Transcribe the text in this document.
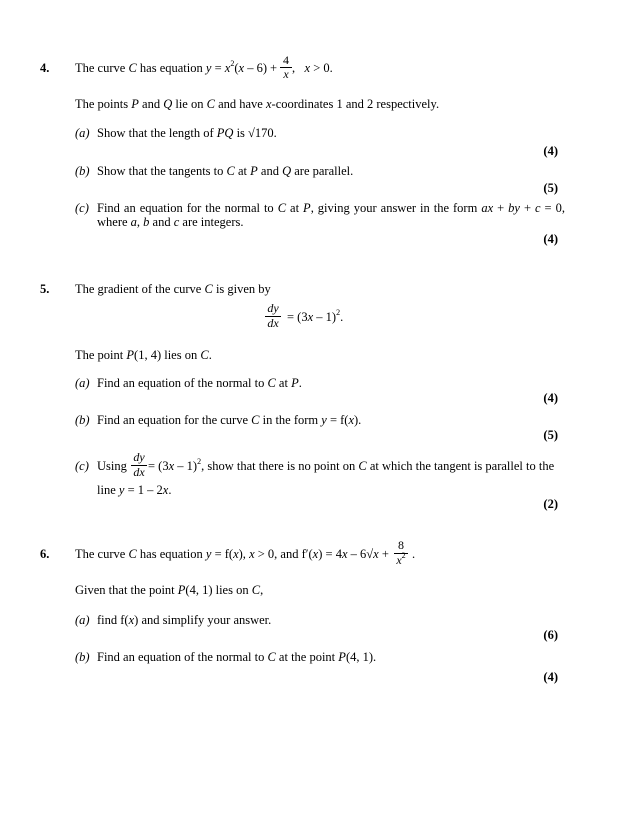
4. The curve C has equation $y = x^2(x - 6) + \frac{4}{x}$ , x > 0.
The points P and Q lie on C and have x-coordinates 1 and 2 respectively.
(a) Show that the length of PQ is √170.
(4)
(b) Show that the tangents to C at P and Q are parallel.
(5)
(c) Find an equation for the normal to C at P, giving your answer in the form ax + by + c = 0,
where a, b and c are integers.
(4)
5. The gradient of the curve C is given by
$\frac{dy}{dx} = (3x - 1)^2$.
The point P(1, 4) lies on C.
(a) Find an equation of the normal to C at P.
(4)
(b) Find an equation for the curve C in the form y = f(x).
(5)
(c) Using $\frac{dy}{dx} = (3x - 1)^2$, show that there is no point on C at which the tangent is parallel to the
line y = 1 – 2x.
(2)
6. The curve C has equation y = f(x), x > 0, and $f'(x) = 4x - 6√x + \frac{8}{x^2}$ .
Given that the point P(4, 1) lies on C,
(a) find f(x) and simplify your answer.
(6)
(b) Find an equation of the normal to C at the point P(4, 1).
(4)
